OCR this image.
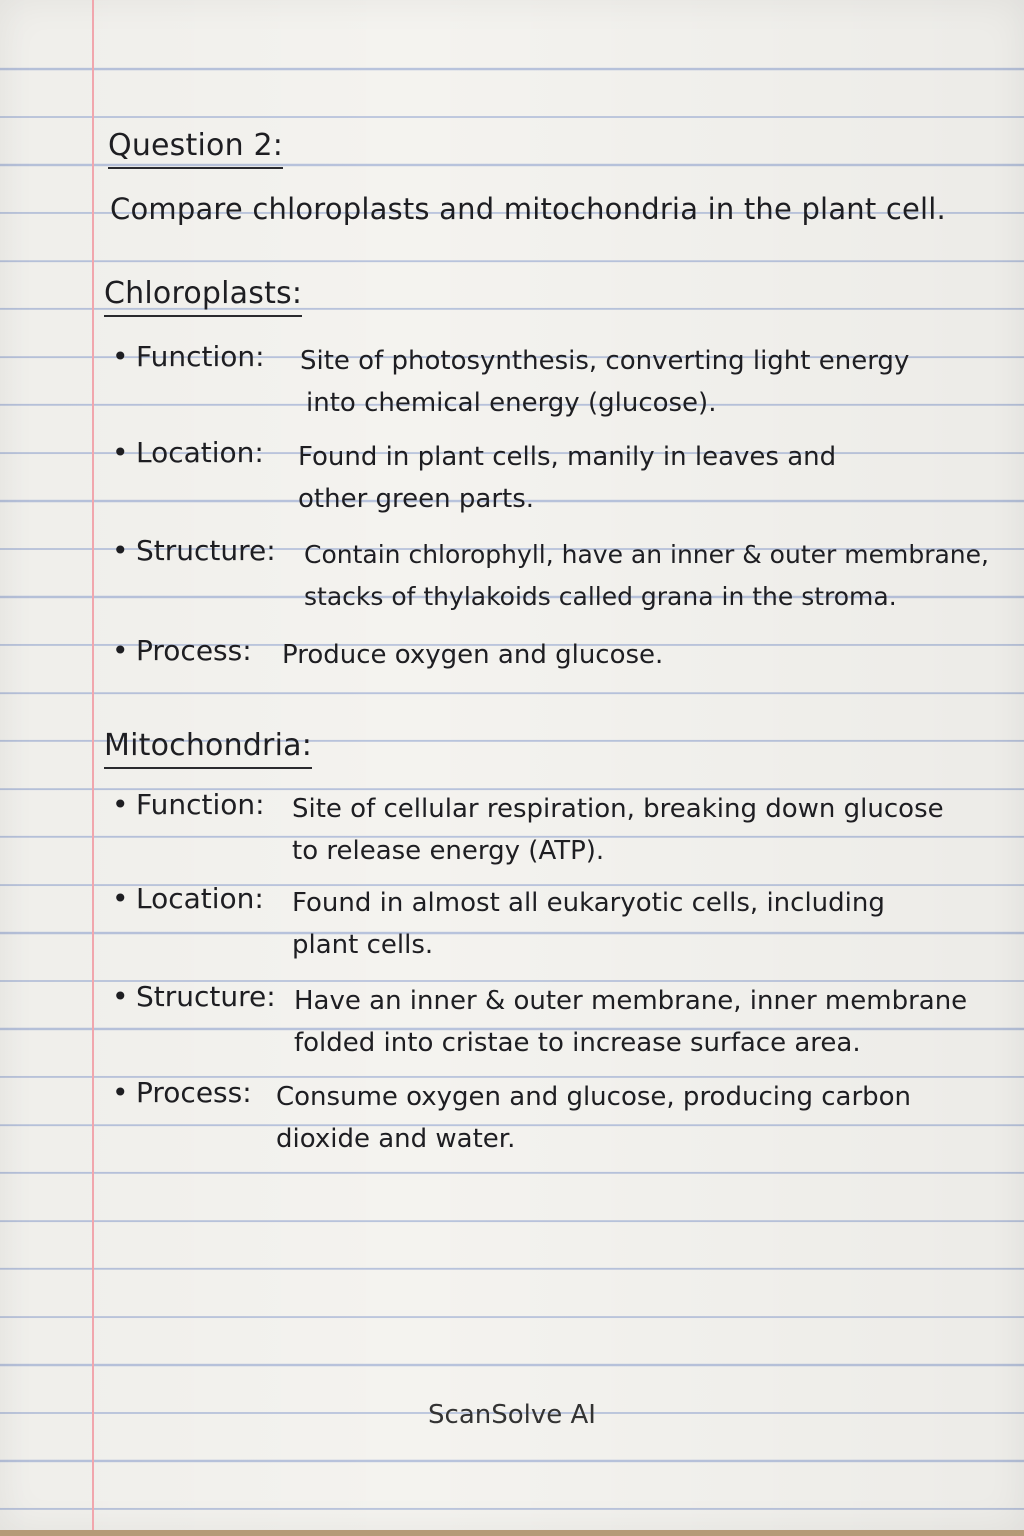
Question 2:
Compare chloroplasts and mitochondria in the plant cell.
Chloroplasts:
• Function: Site of photosynthesis, converting light energy
into chemical energy (glucose).
• Location: Found in plant cells, manily in leaves and
other green parts.
• Structure: Contain chlorophyll, have an inner & outer membrane,
stacks of thylakoids called grana in the stroma.
• Process: Produce oxygen and glucose.
Mitochondria:
• Function: Site of cellular respiration, breaking down glucose
to release energy (ATP).
• Location: Found in almost all eukaryotic cells, including
plant cells.
• Structure: Have an inner & outer membrane, inner membrane
folded into cristae to increase surface area.
• Process: Consume oxygen and glucose, producing carbon
dioxide and water.
ScanSolve AI
